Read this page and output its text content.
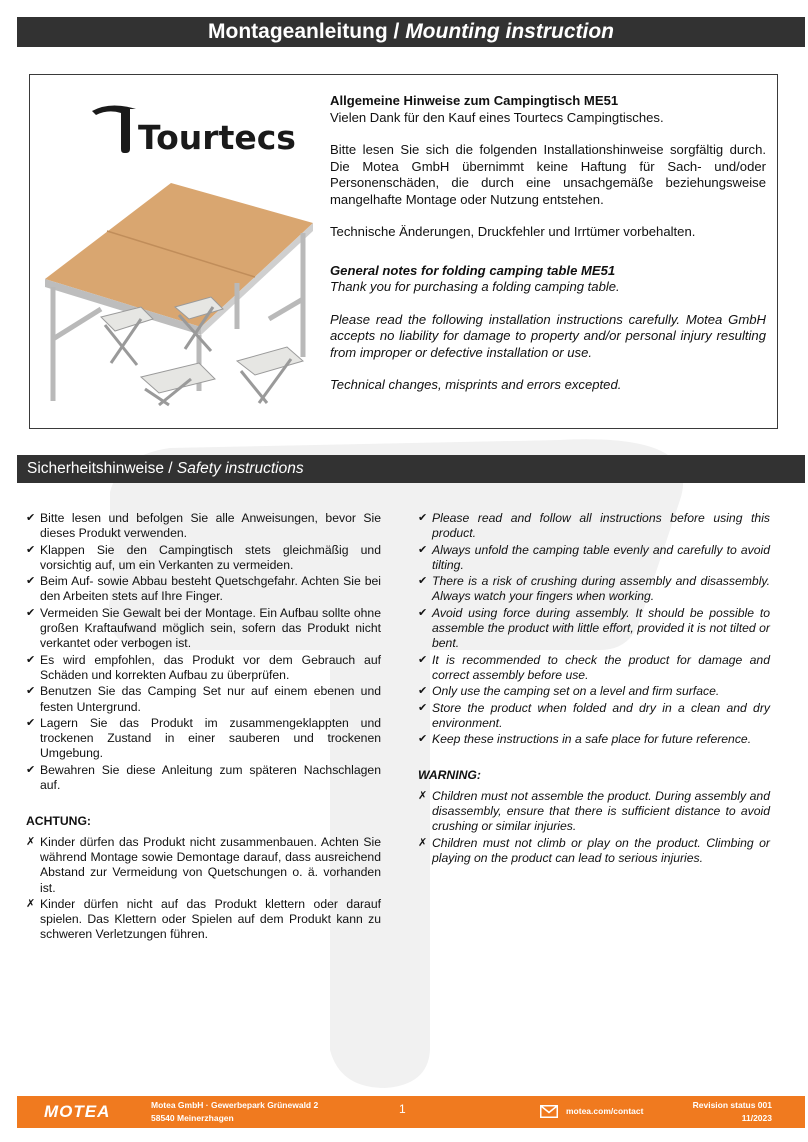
Montageanleitung / Mounting instruction
Tourtecs

Allgemeine Hinweise zum Campingtisch ME51

Vielen Dank für den Kauf eines Tourtecs Campingtisches.

Bitte lesen Sie sich die folgenden Installationshinweise sorgfältig durch. Die Motea GmbH übernimmt keine Haftung für Sach- und/oder Personenschäden, die durch eine unsachgemäße beziehungsweise mangelhafte Montage oder Nutzung entstehen.

Technische Änderungen, Druckfehler und Irrtümer vorbehalten.

General notes for folding camping table ME51

Thank you for purchasing a folding camping table.

Please read the following installation instructions carefully. Motea GmbH accepts no liability for damage to property and/or personal injury resulting from improper or defective installation or use.

Technical changes, misprints and errors excepted.

Sicherheitshinweise / Safety instructions
✔ Bitte lesen und befolgen Sie alle Anweisungen, bevor Sie dieses Produkt verwenden.
✔ Klappen Sie den Campingtisch stets gleichmäßig und vorsichtig auf, um ein Verkanten zu vermeiden.
✔ Beim Auf- sowie Abbau besteht Quetschgefahr. Achten Sie bei den Arbeiten stets auf Ihre Finger.
✔ Vermeiden Sie Gewalt bei der Montage. Ein Aufbau sollte ohne großen Kraftaufwand möglich sein, sofern das Produkt nicht verkantet oder verbogen ist.
✔ Es wird empfohlen, das Produkt vor dem Gebrauch auf Schäden und korrekten Aufbau zu überprüfen.
✔ Benutzen Sie das Camping Set nur auf einem ebenen und festen Untergrund.
✔ Lagern Sie das Produkt im zusammengeklappten und trockenen Zustand in einer sauberen und trockenen Umgebung.
✔ Bewahren Sie diese Anleitung zum späteren Nachschlagen auf.
ACHTUNG:
✗ Kinder dürfen das Produkt nicht zusammenbauen. Achten Sie während Montage sowie Demontage darauf, dass ausreichend Abstand zur Vermeidung von Quetschungen o. ä. vorhanden ist.
✗ Kinder dürfen nicht auf das Produkt klettern oder darauf spielen. Das Klettern oder Spielen auf dem Produkt kann zu schweren Verletzungen führen.
✔ Please read and follow all instructions before using this product.
✔ Always unfold the camping table evenly and carefully to avoid tilting.
✔ There is a risk of crushing during assembly and disassembly. Always watch your fingers when working.
✔ Avoid using force during assembly. It should be possible to assemble the product with little effort, provided it is not tilted or bent.
✔ It is recommended to check the product for damage and correct assembly before use.
✔ Only use the camping set on a level and firm surface.
✔ Store the product when folded and dry in a clean and dry environment.
✔ Keep these instructions in a safe place for future reference.
WARNING:
✗ Children must not assemble the product. During assembly and disassembly, ensure that there is sufficient distance to avoid crushing or similar injuries.
✗ Children must not climb or play on the product. Climbing or playing on the product can lead to serious injuries.
MOTEA	Motea GmbH · Gewerbepark Grünewald 2
58540 Meinerzhagen
1	motea.com/contact
Revision status 001
11/2023
